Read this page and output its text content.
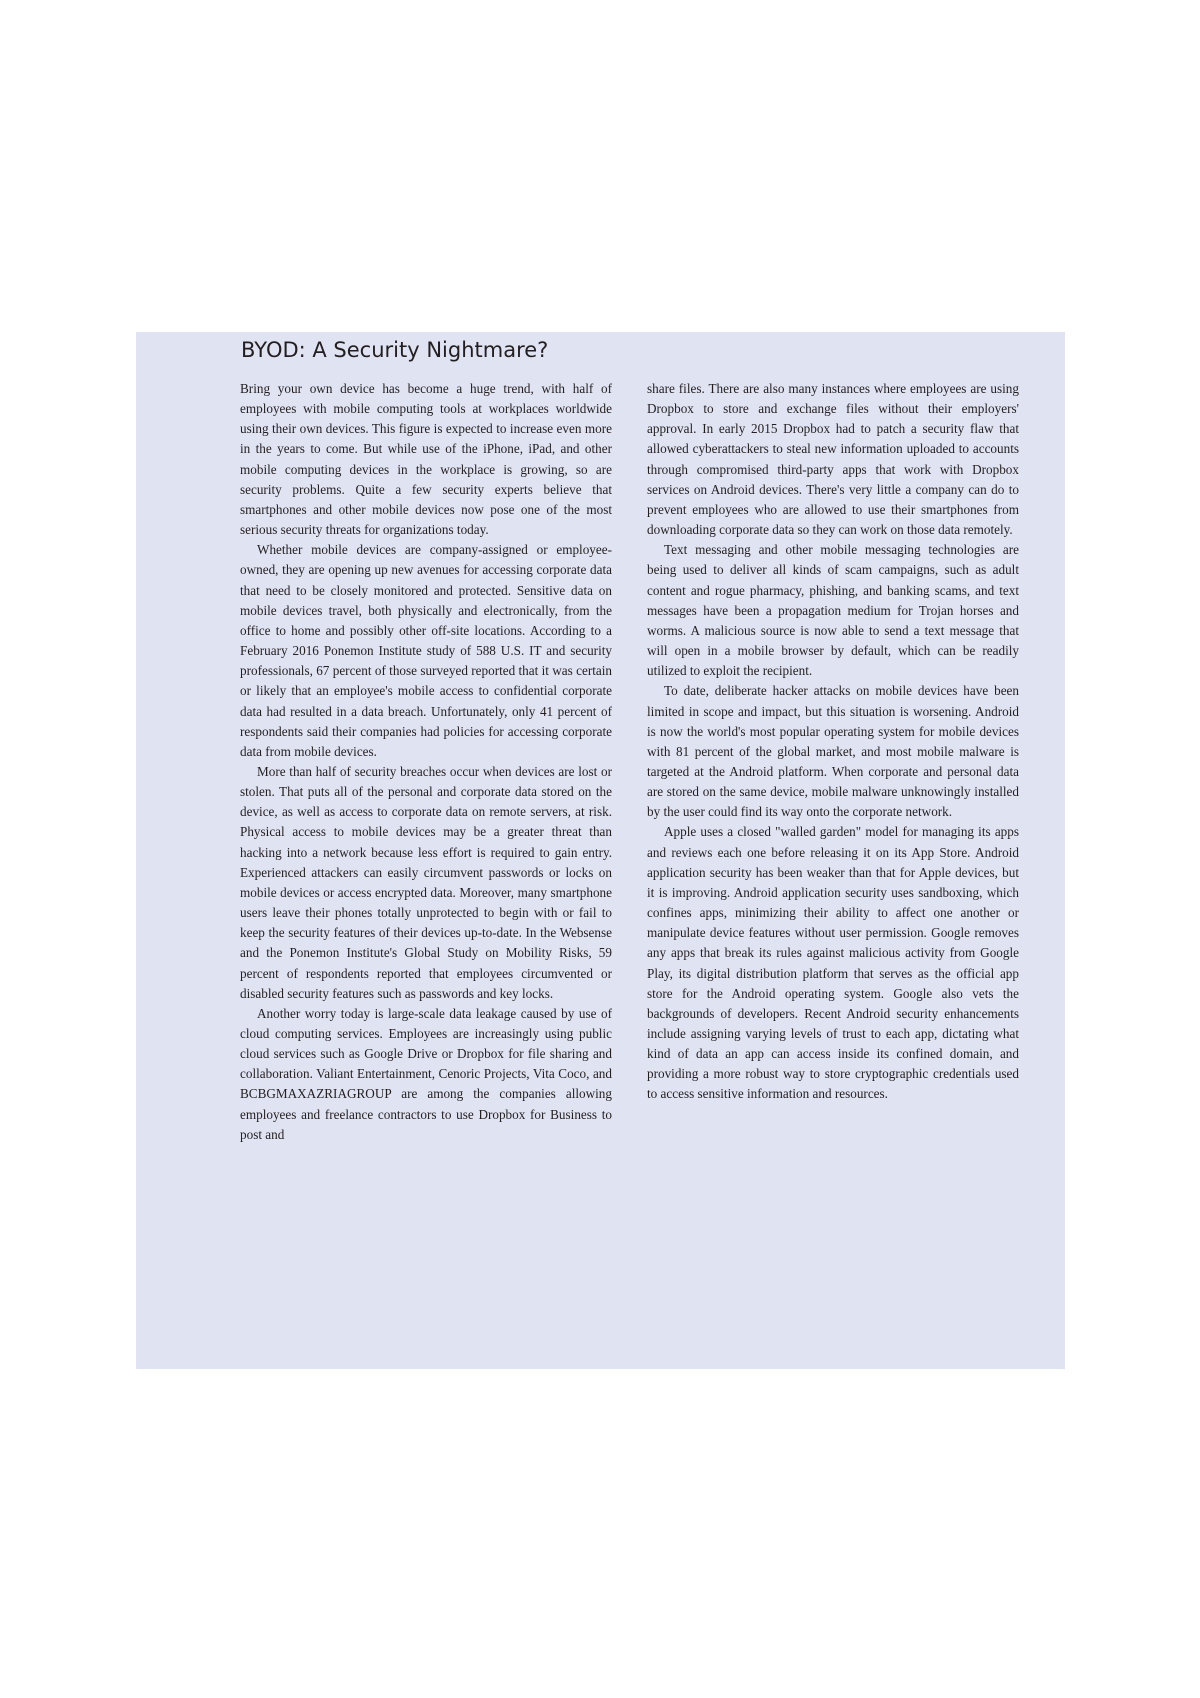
BYOD: A Security Nightmare?

Bring your own device has become a huge trend, with half of employees with mobile computing tools at workplaces worldwide using their own devices. This figure is expected to increase even more in the years to come. But while use of the iPhone, iPad, and other mobile computing devices in the workplace is growing, so are security problems. Quite a few security experts believe that smartphones and other mobile devices now pose one of the most serious security threats for organizations today.

Whether mobile devices are company-assigned or employee-owned, they are opening up new avenues for accessing corporate data that need to be closely monitored and protected. Sensitive data on mobile devices travel, both physically and electronically, from the office to home and possibly other off-site locations. According to a February 2016 Ponemon Institute study of 588 U.S. IT and security professionals, 67 percent of those surveyed reported that it was certain or likely that an employee's mobile access to confidential corporate data had resulted in a data breach. Unfortunately, only 41 percent of respondents said their companies had policies for accessing corporate data from mobile devices.

More than half of security breaches occur when devices are lost or stolen. That puts all of the personal and corporate data stored on the device, as well as access to corporate data on remote servers, at risk. Physical access to mobile devices may be a greater threat than hacking into a network because less effort is required to gain entry. Experienced attackers can easily circumvent passwords or locks on mobile devices or access encrypted data. Moreover, many smartphone users leave their phones totally unprotected to begin with or fail to keep the security features of their devices up-to-date. In the Websense and the Ponemon Institute's Global Study on Mobility Risks, 59 percent of respondents reported that employees circumvented or disabled security features such as passwords and key locks.

Another worry today is large-scale data leakage caused by use of cloud computing services. Employees are increasingly using public cloud services such as Google Drive or Dropbox for file sharing and collaboration. Valiant Entertainment, Cenoric Projects, Vita Coco, and BCBGMAXAZRIAGROUP are among the companies allowing employees and freelance contractors to use Dropbox for Business to post and

share files. There are also many instances where employees are using Dropbox to store and exchange files without their employers' approval. In early 2015 Dropbox had to patch a security flaw that allowed cyberattackers to steal new information uploaded to accounts through compromised third-party apps that work with Dropbox services on Android devices. There's very little a company can do to prevent employees who are allowed to use their smartphones from downloading corporate data so they can work on those data remotely.

Text messaging and other mobile messaging technologies are being used to deliver all kinds of scam campaigns, such as adult content and rogue pharmacy, phishing, and banking scams, and text messages have been a propagation medium for Trojan horses and worms. A malicious source is now able to send a text message that will open in a mobile browser by default, which can be readily utilized to exploit the recipient.

To date, deliberate hacker attacks on mobile devices have been limited in scope and impact, but this situation is worsening. Android is now the world's most popular operating system for mobile devices with 81 percent of the global market, and most mobile malware is targeted at the Android platform. When corporate and personal data are stored on the same device, mobile malware unknowingly installed by the user could find its way onto the corporate network.

Apple uses a closed "walled garden" model for managing its apps and reviews each one before releasing it on its App Store. Android application security has been weaker than that for Apple devices, but it is improving. Android application security uses sandboxing, which confines apps, minimizing their ability to affect one another or manipulate device features without user permission. Google removes any apps that break its rules against malicious activity from Google Play, its digital distribution platform that serves as the official app store for the Android operating system. Google also vets the backgrounds of developers. Recent Android security enhancements include assigning varying levels of trust to each app, dictating what kind of data an app can access inside its confined domain, and providing a more robust way to store cryptographic credentials used to access sensitive information and resources.
